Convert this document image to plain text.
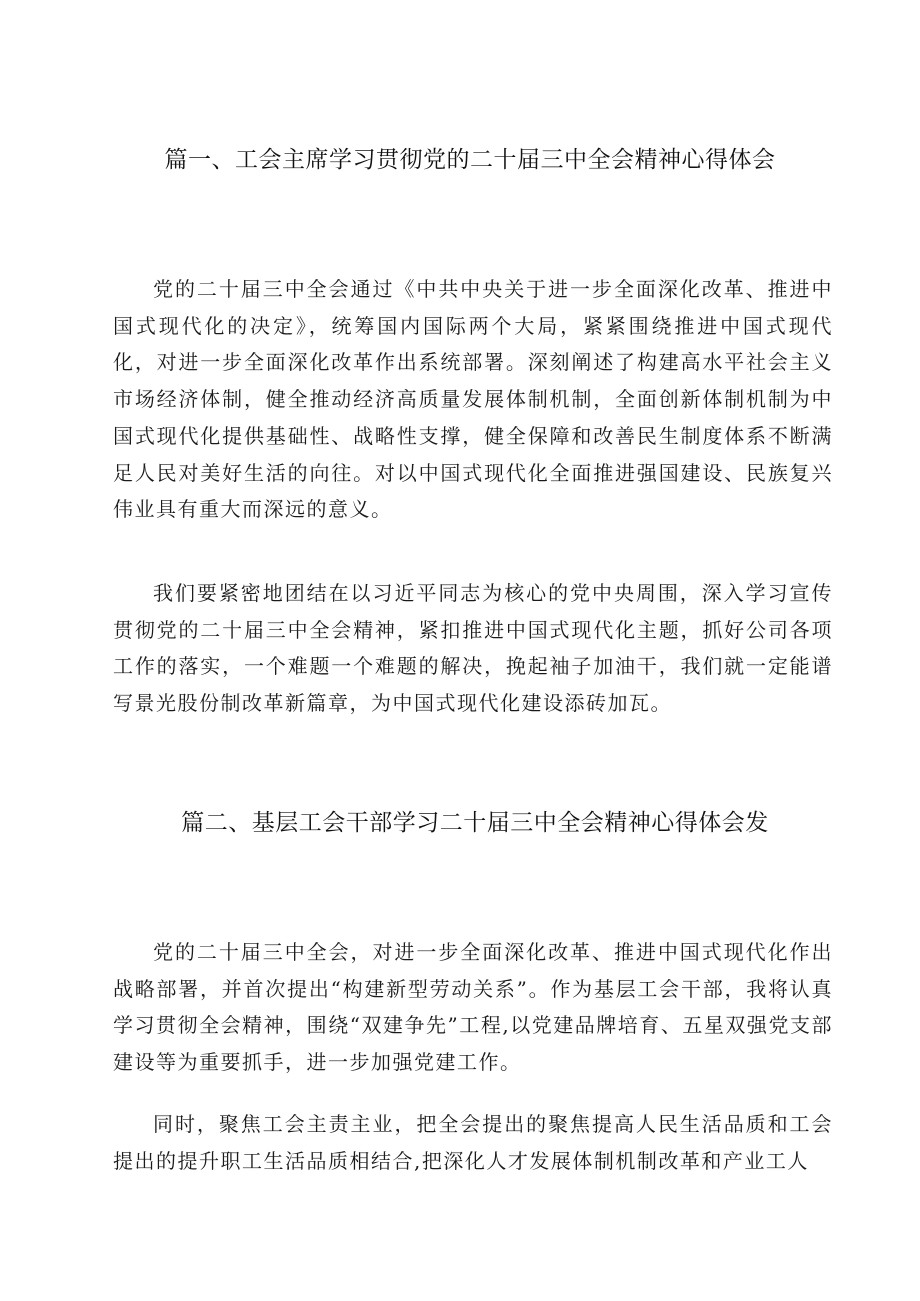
篇一、工会主席学习贯彻党的二十届三中全会精神心得体会

党的二十届三中全会通过《中共中央关于进一步全面深化改革、推进中国式现代化的决定》，统筹国内国际两个大局，紧紧围绕推进中国式现代化，对进一步全面深化改革作出系统部署。深刻阐述了构建高水平社会主义市场经济体制，健全推动经济高质量发展体制机制，全面创新体制机制为中国式现代化提供基础性、战略性支撑，健全保障和改善民生制度体系不断满足人民对美好生活的向往。对以中国式现代化全面推进强国建设、民族复兴伟业具有重大而深远的意义。

我们要紧密地团结在以习近平同志为核心的党中央周围，深入学习宣传贯彻党的二十届三中全会精神，紧扣推进中国式现代化主题，抓好公司各项工作的落实，一个难题一个难题的解决，挽起袖子加油干，我们就一定能谱写景光股份制改革新篇章，为中国式现代化建设添砖加瓦。

篇二、基层工会干部学习二十届三中全会精神心得体会发

党的二十届三中全会，对进一步全面深化改革、推进中国式现代化作出战略部署，并首次提出“构建新型劳动关系”。作为基层工会干部，我将认真学习贯彻全会精神，围绕“双建争先”工程,以党建品牌培育、五星双强党支部建设等为重要抓手，进一步加强党建工作。

同时，聚焦工会主责主业，把全会提出的聚焦提高人民生活品质和工会提出的提升职工生活品质相结合,把深化人才发展体制机制改革和产业工人
